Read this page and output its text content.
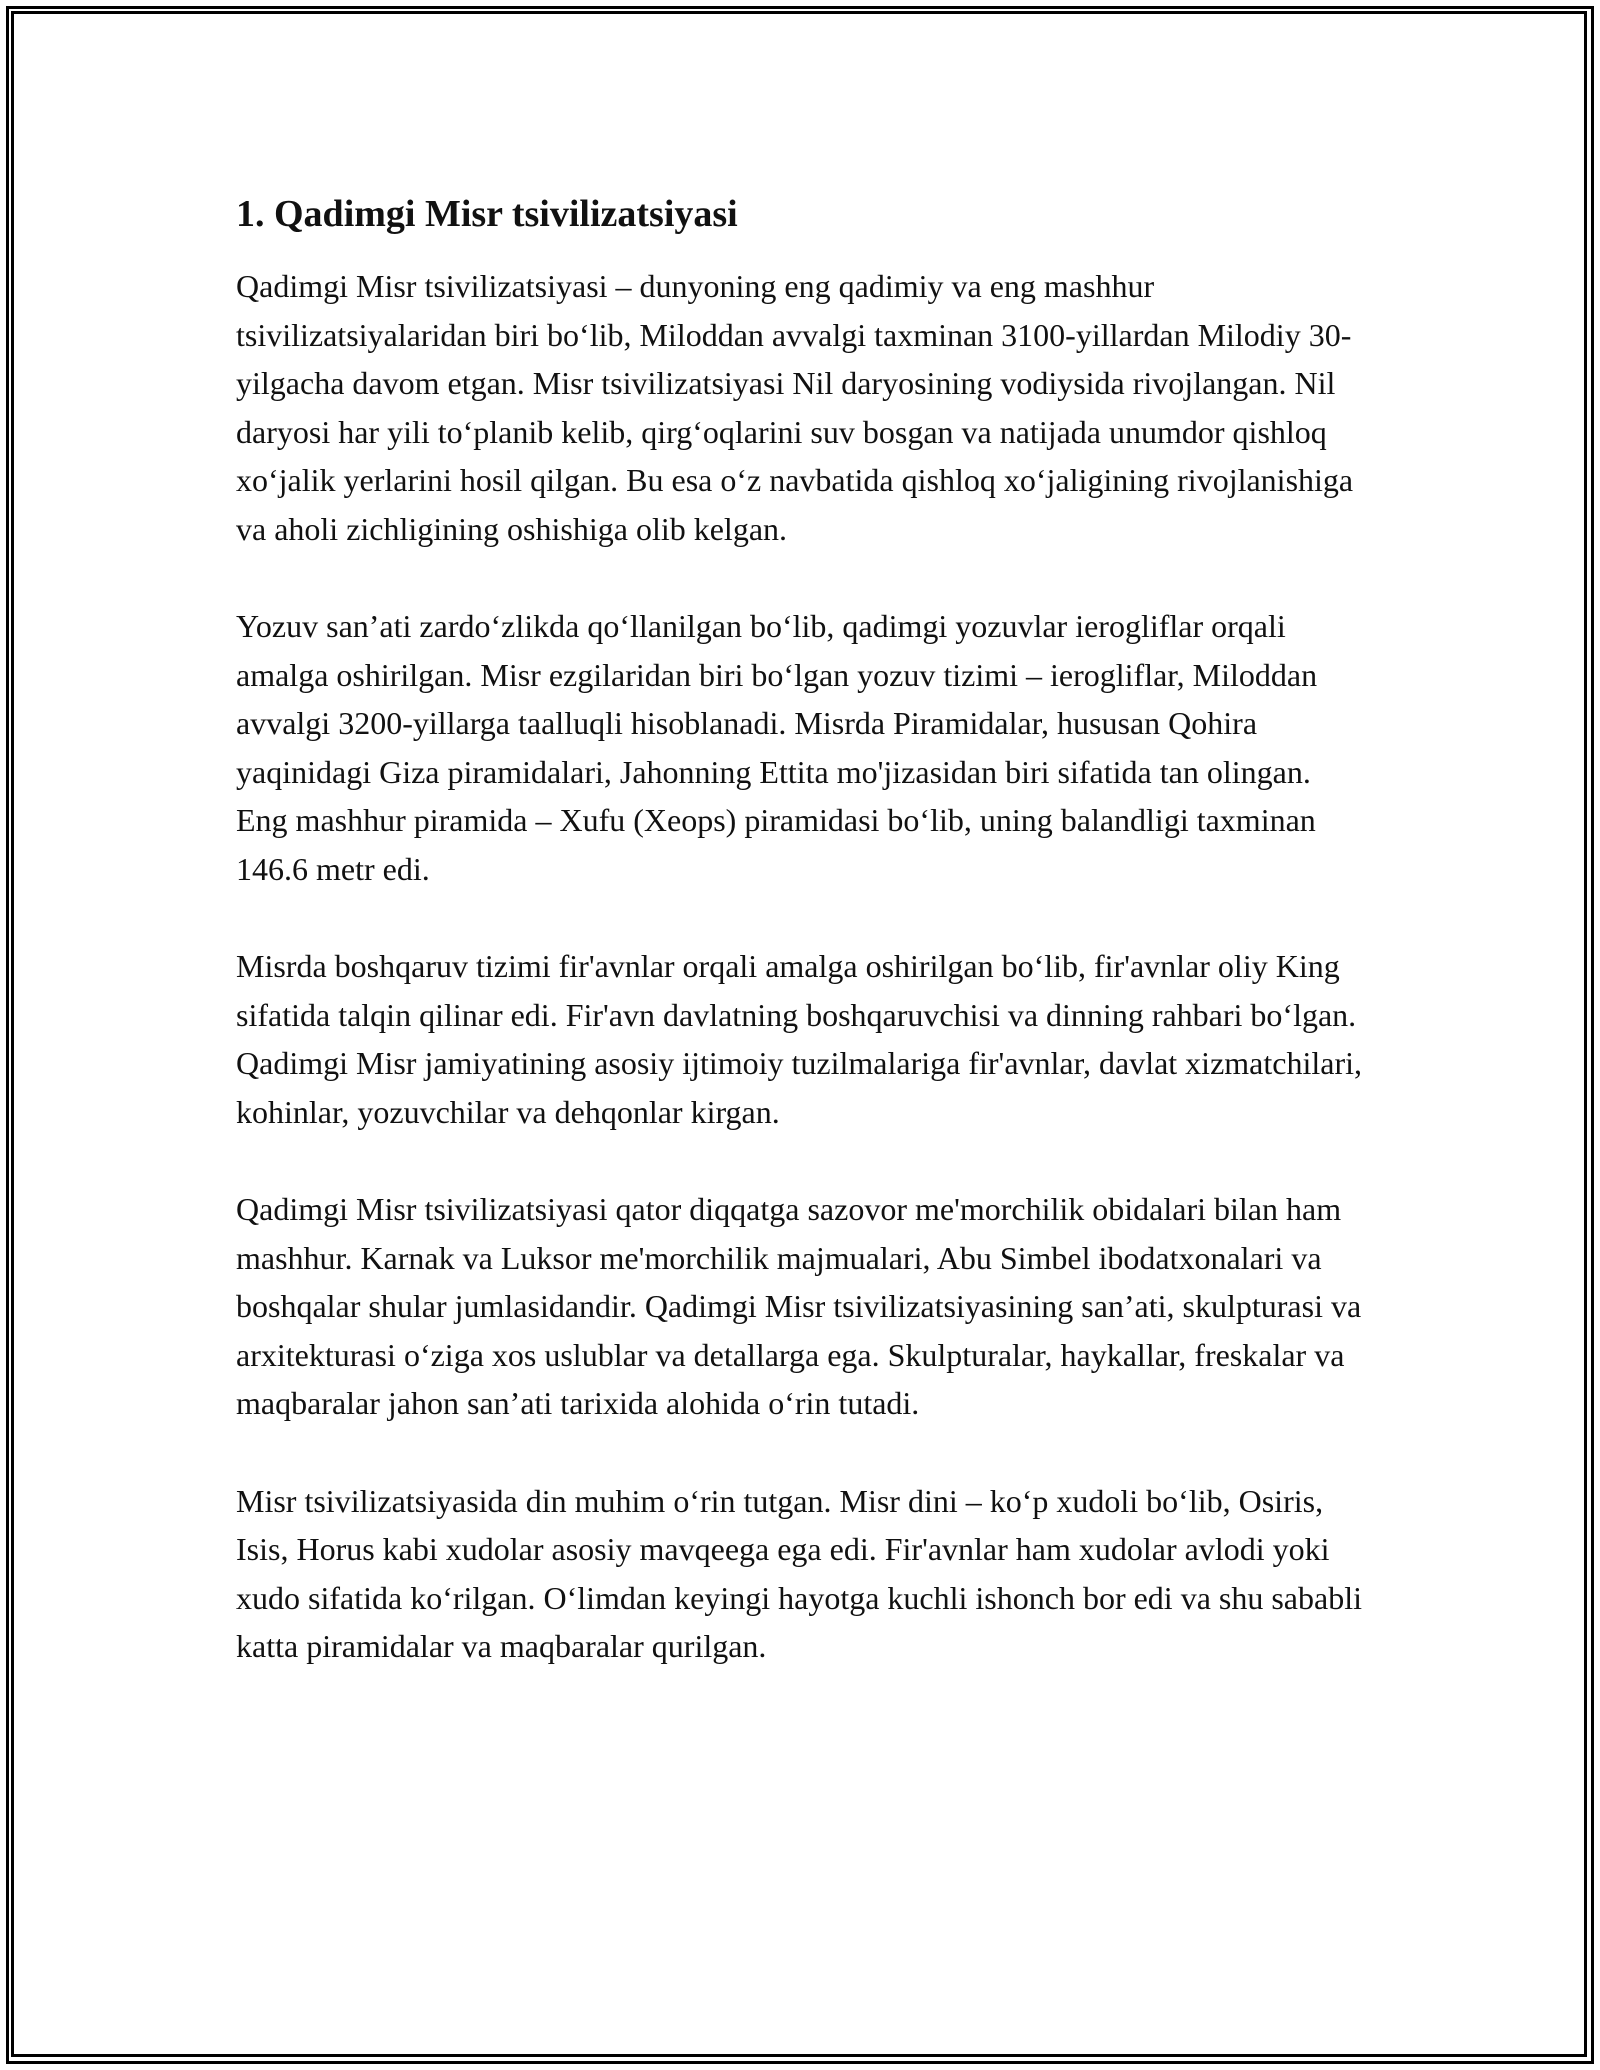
1. Qadimgi Misr tsivilizatsiyasi

Qadimgi Misr tsivilizatsiyasi – dunyoning eng qadimiy va eng mashhur tsivilizatsiyalaridan biri bo‘lib, Miloddan avvalgi taxminan 3100-yillardan Milodiy 30-yilgacha davom etgan. Misr tsivilizatsiyasi Nil daryosining vodiysida rivojlangan. Nil daryosi har yili to‘planib kelib, qirg‘oqlarini suv bosgan va natijada unumdor qishloq xo‘jalik yerlarini hosil qilgan. Bu esa o‘z navbatida qishloq xo‘jaligining rivojlanishiga va aholi zichligining oshishiga olib kelgan.

Yozuv san’ati zardo‘zlikda qo‘llanilgan bo‘lib, qadimgi yozuvlar ierogliflar orqali amalga oshirilgan. Misr ezgilaridan biri bo‘lgan yozuv tizimi – ierogliflar, Miloddan avvalgi 3200-yillarga taalluqli hisoblanadi. Misrda Piramidalar, hususan Qohira yaqinidagi Giza piramidalari, Jahonning Ettita mo'jizasidan biri sifatida tan olingan. Eng mashhur piramida – Xufu (Xeops) piramidasi bo‘lib, uning balandligi taxminan 146.6 metr edi.

Misrda boshqaruv tizimi fir'avnlar orqali amalga oshirilgan bo‘lib, fir'avnlar oliy King sifatida talqin qilinar edi. Fir'avn davlatning boshqaruvchisi va dinning rahbari bo‘lgan. Qadimgi Misr jamiyatining asosiy ijtimoiy tuzilmalariga fir'avnlar, davlat xizmatchilari, kohinlar, yozuvchilar va dehqonlar kirgan.

Qadimgi Misr tsivilizatsiyasi qator diqqatga sazovor me'morchilik obidalari bilan ham mashhur. Karnak va Luksor me'morchilik majmualari, Abu Simbel ibodatxonalari va boshqalar shular jumlasidandir. Qadimgi Misr tsivilizatsiyasining san’ati, skulpturasi va arxitekturasi o‘ziga xos uslublar va detallarga ega. Skulpturalar, haykallar, freskalar va maqbaralar jahon san’ati tarixida alohida o‘rin tutadi.

Misr tsivilizatsiyasida din muhim o‘rin tutgan. Misr dini – ko‘p xudoli bo‘lib, Osiris, Isis, Horus kabi xudolar asosiy mavqeega ega edi. Fir'avnlar ham xudolar avlodi yoki xudo sifatida ko‘rilgan. O‘limdan keyingi hayotga kuchli ishonch bor edi va shu sababli katta piramidalar va maqbaralar qurilgan.
